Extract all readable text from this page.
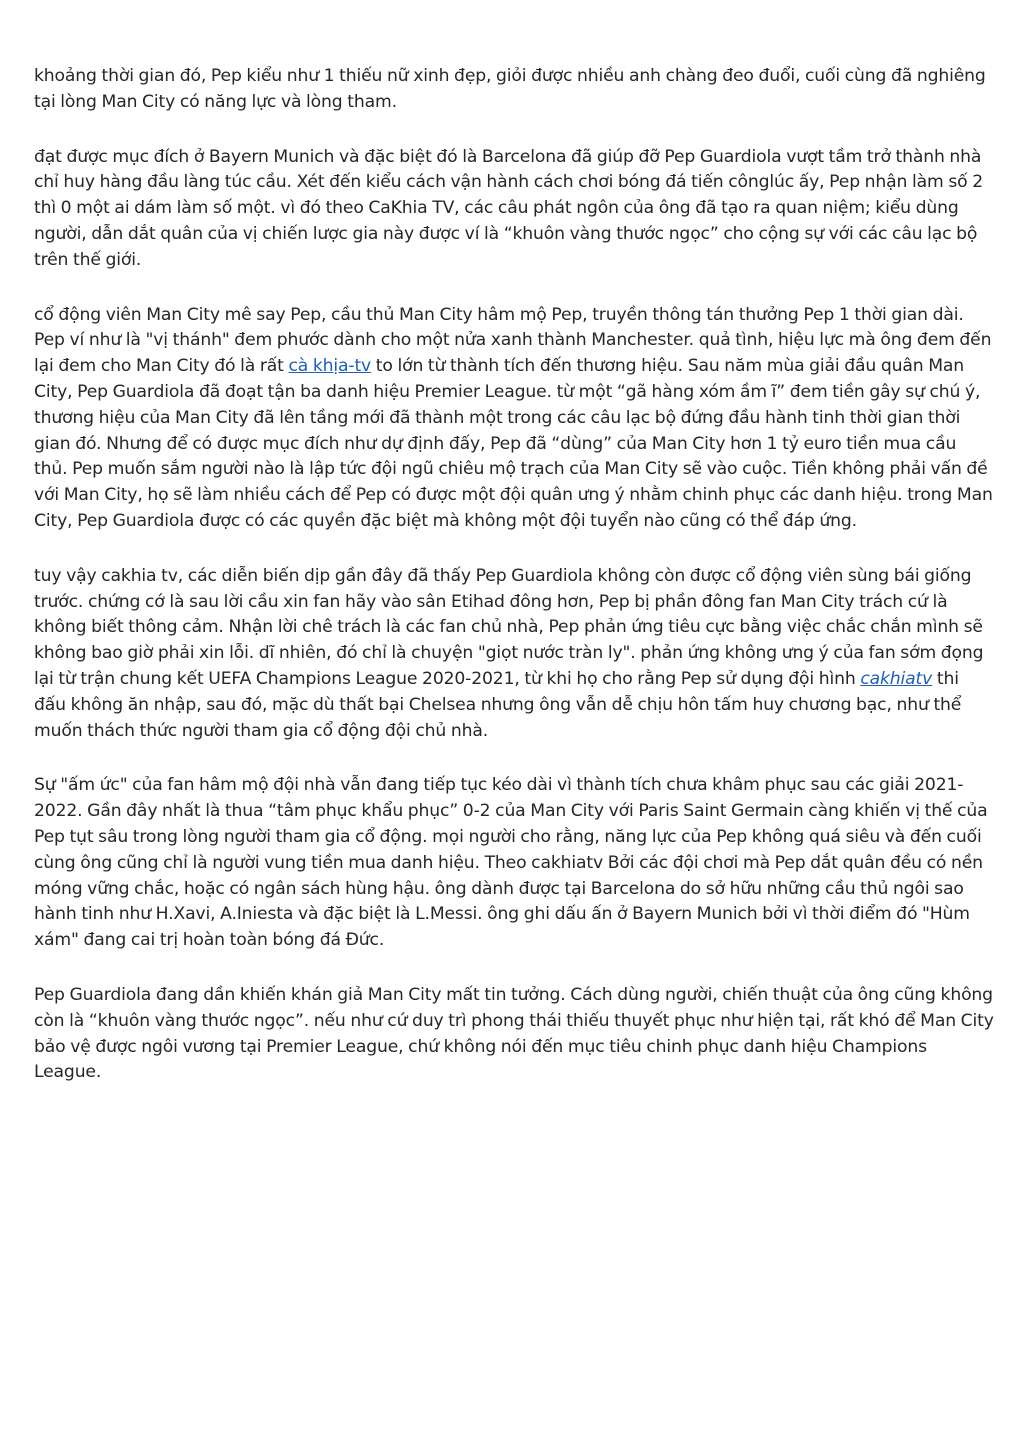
khoảng thời gian đó, Pep kiểu như 1 thiếu nữ xinh đẹp, giỏi được nhiều anh chàng đeo đuổi, cuối cùng đã nghiêng tại lòng Man City có năng lực và lòng tham.

đạt được mục đích ở Bayern Munich và đặc biệt đó là Barcelona đã giúp đỡ Pep Guardiola vượt tầm trở thành nhà chỉ huy hàng đầu làng túc cầu. Xét đến kiểu cách vận hành cách chơi bóng đá tiến cônglúc ấy, Pep nhận làm số 2 thì 0 một ai dám làm số một. vì đó theo CaKhia TV, các câu phát ngôn của ông đã tạo ra quan niệm; kiểu dùng người, dẫn dắt quân của vị chiến lược gia này được ví là “khuôn vàng thước ngọc” cho cộng sự với các câu lạc bộ trên thế giới.

cổ động viên Man City mê say Pep, cầu thủ Man City hâm mộ Pep, truyền thông tán thưởng Pep 1 thời gian dài. Pep ví như là "vị thánh" đem phước dành cho một nửa xanh thành Manchester. quả tình, hiệu lực mà ông đem đến lại đem cho Man City đó là rất cà khịa-tv to lớn từ thành tích đến thương hiệu. Sau năm mùa giải đầu quân Man City, Pep Guardiola đã đoạt tận ba danh hiệu Premier League. từ một “gã hàng xóm ầm ĩ” đem tiền gây sự chú ý, thương hiệu của Man City đã lên tầng mới đã thành một trong các câu lạc bộ đứng đầu hành tinh thời gian thời gian đó. Nhưng để có được mục đích như dự định đấy, Pep đã “dùng” của Man City hơn 1 tỷ euro tiền mua cầu thủ. Pep muốn sắm người nào là lập tức đội ngũ chiêu mộ trạch của Man City sẽ vào cuộc. Tiền không phải vấn đề với Man City, họ sẽ làm nhiều cách để Pep có được một đội quân ưng ý nhằm chinh phục các danh hiệu. trong Man City, Pep Guardiola được có các quyền đặc biệt mà không một đội tuyển nào cũng có thể đáp ứng.

tuy vậy cakhia tv, các diễn biến dịp gần đây đã thấy Pep Guardiola không còn được cổ động viên sùng bái giống trước. chứng cớ là sau lời cầu xin fan hãy vào sân Etihad đông hơn, Pep bị phần đông fan Man City trách cứ là không biết thông cảm. Nhận lời chê trách là các fan chủ nhà, Pep phản ứng tiêu cực bằng việc chắc chắn mình sẽ không bao giờ phải xin lỗi. dĩ nhiên, đó chỉ là chuyện "giọt nước tràn ly". phản ứng không ưng ý của fan sớm đọng lại từ trận chung kết UEFA Champions League 2020-2021, từ khi họ cho rằng Pep sử dụng đội hình cakhiatv thi đấu không ăn nhập, sau đó, mặc dù thất bại Chelsea nhưng ông vẫn dễ chịu hôn tấm huy chương bạc, như thể muốn thách thức người tham gia cổ động đội chủ nhà.

Sự "ấm ức" của fan hâm mộ đội nhà vẫn đang tiếp tục kéo dài vì thành tích chưa khâm phục sau các giải 2021-2022. Gần đây nhất là thua “tâm phục khẩu phục” 0-2 của Man City với Paris Saint Germain càng khiến vị thế của Pep tụt sâu trong lòng người tham gia cổ động. mọi người cho rằng, năng lực của Pep không quá siêu và đến cuối cùng ông cũng chỉ là người vung tiền mua danh hiệu. Theo cakhiatv Bởi các đội chơi mà Pep dắt quân đều có nền móng vững chắc, hoặc có ngân sách hùng hậu. ông dành được tại Barcelona do sở hữu những cầu thủ ngôi sao hành tinh như H.Xavi, A.Iniesta và đặc biệt là L.Messi. ông ghi dấu ấn ở Bayern Munich bởi vì thời điểm đó "Hùm xám" đang cai trị hoàn toàn bóng đá Đức.

Pep Guardiola đang dần khiến khán giả Man City mất tin tưởng. Cách dùng người, chiến thuật của ông cũng không còn là “khuôn vàng thước ngọc”. nếu như cứ duy trì phong thái thiếu thuyết phục như hiện tại, rất khó để Man City bảo vệ được ngôi vương tại Premier League, chứ không nói đến mục tiêu chinh phục danh hiệu Champions League.
